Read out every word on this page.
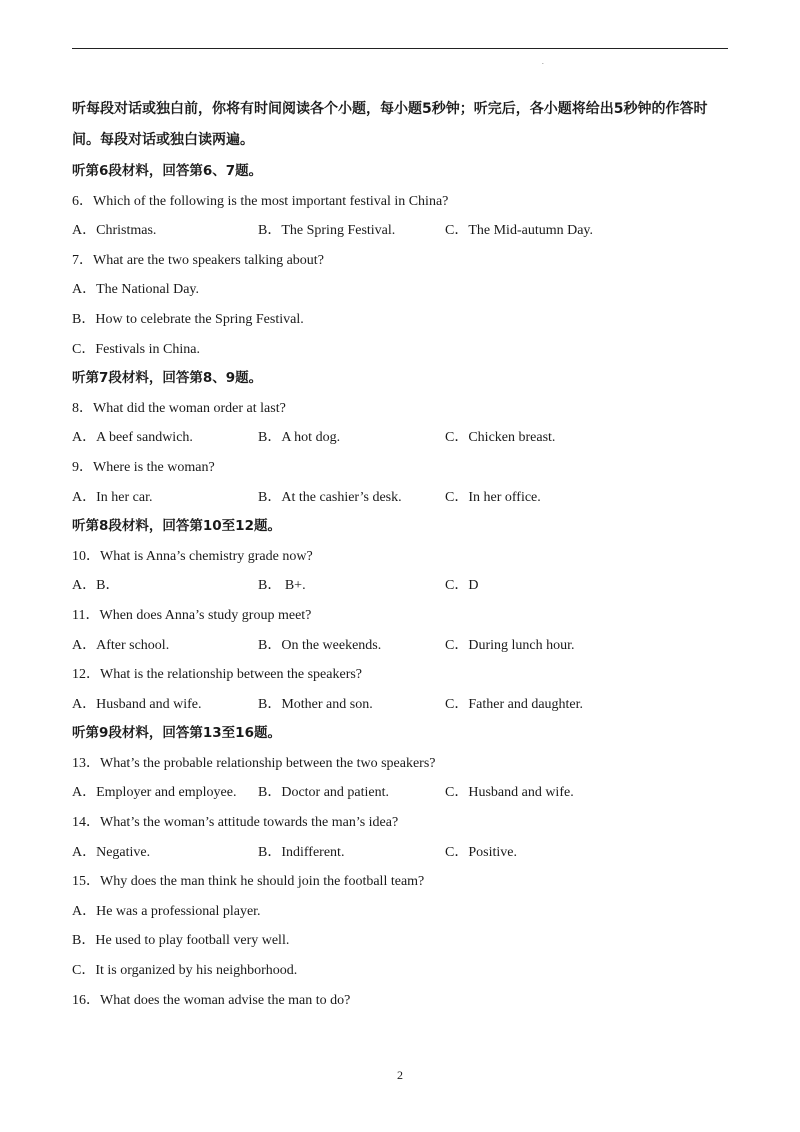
.
听每段对话或独白前，你将有时间阅读各个小题，每小题5秒钟；听完后，各小题将给出5秒钟的作答时
间。每段对话或独白读两遍。
听第6段材料，回答第6、7题。
6．Which of the following is the most important festival in China?
A．Christmas.	B．The Spring Festival.	C．The Mid-autumn Day.
7．What are the two speakers talking about?
A．The National Day.
B．How to celebrate the Spring Festival.
C．Festivals in China.
听第7段材料，回答第8、9题。
8．What did the woman order at last?
A．A beef sandwich.	B．A hot dog.	C．Chicken breast.
9．Where is the woman?
A．In her car.	B．At the cashier’s desk.	C．In her office.
听第8段材料，回答第10至12题。
10．What is Anna’s chemistry grade now?
A．B．	B． B+.	C．D
11．When does Anna’s study group meet?
A．After school.	B．On the weekends.	C．During lunch hour.
12．What is the relationship between the speakers?
A．Husband and wife.	B．Mother and son.	C．Father and daughter.
听第9段材料，回答第13至16题。
13．What’s the probable relationship between the two speakers?
A．Employer and employee. B．Doctor and patient.	C．Husband and wife.
14．What’s the woman’s attitude towards the man’s idea?
A．Negative.	B．Indifferent.	C．Positive.
15．Why does the man think he should join the football team?
A．He was a professional player.
B．He used to play football very well.
C．It is organized by his neighborhood.
16．What does the woman advise the man to do?
2
